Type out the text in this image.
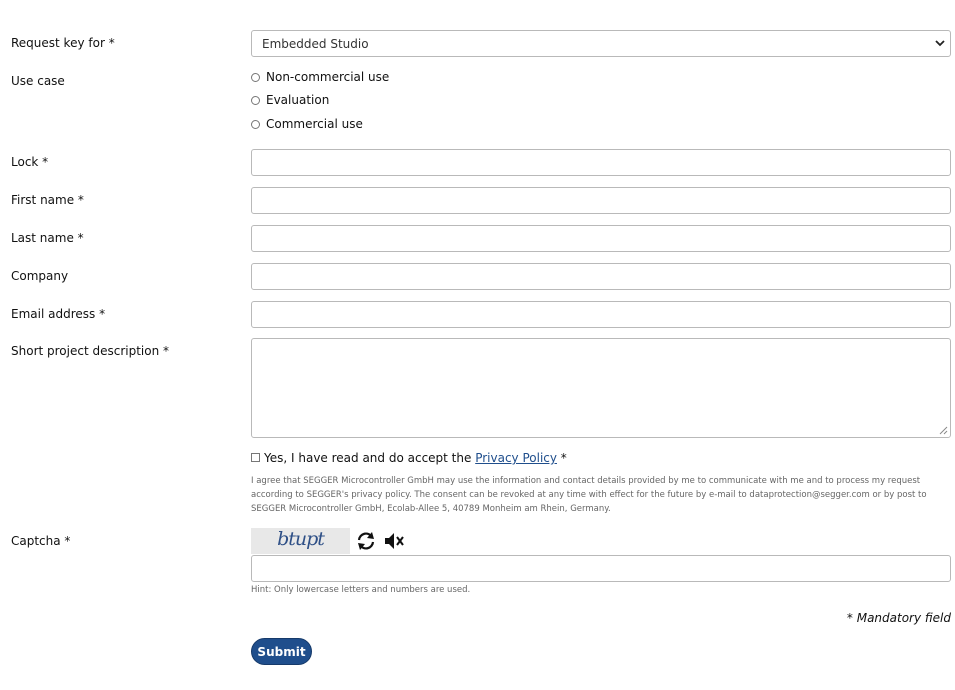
Request key for *	Embedded Studio
Use case	Non-commercial use
Evaluation
Commercial use
Lock *
First name *
Last name *
Company
Email address *
Short project description *
Yes, I have read and do accept the Privacy Policy *
I agree that SEGGER Microcontroller GmbH may use the information and contact details provided by me to communicate with me and to process my request according to SEGGER's privacy policy. The consent can be revoked at any time with effect for the future by e-mail to dataprotection@segger.com or by post to SEGGER Microcontroller GmbH, Ecolab-Allee 5, 40789 Monheim am Rhein, Germany.
Captcha *	btupt
Hint: Only lowercase letters and numbers are used.
* Mandatory field
Submit
